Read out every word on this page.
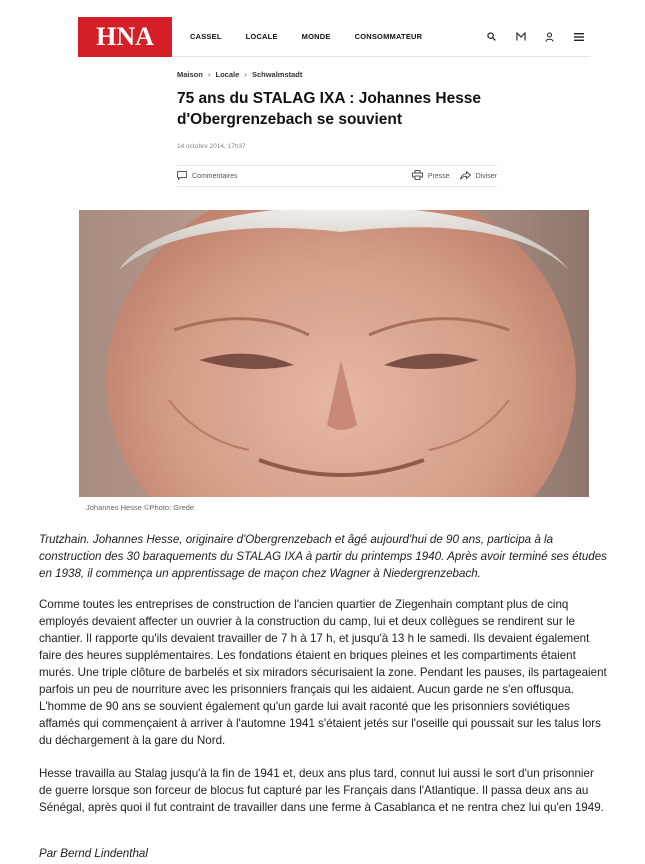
HNA	CASSEL	LOCALE	MONDE	CONSOMMATEUR
Maison › Locale › Schwalmstadt
75 ans du STALAG IXA : Johannes Hesse d'Obergrenzebach se souvient
14 octobre 2014, 17h37
Commentaires	Presse	Diviser
Johannes Hesse ©Photo: Grede

Trutzhain. Johannes Hesse, originaire d'Obergrenzebach et âgé aujourd'hui de 90 ans, participa à la construction des 30 baraquements du STALAG IXA à partir du printemps 1940. Après avoir terminé ses études en 1938, il commença un apprentissage de maçon chez Wagner à Niedergrenzebach.

Comme toutes les entreprises de construction de l'ancien quartier de Ziegenhain comptant plus de cinq employés devaient affecter un ouvrier à la construction du camp, lui et deux collègues se rendirent sur le chantier. Il rapporte qu'ils devaient travailler de 7 h à 17 h, et jusqu'à 13 h le samedi. Ils devaient également faire des heures supplémentaires. Les fondations étaient en briques pleines et les compartiments étaient murés. Une triple clôture de barbelés et six miradors sécurisaient la zone. Pendant les pauses, ils partageaient parfois un peu de nourriture avec les prisonniers français qui les aidaient. Aucun garde ne s'en offusqua. L'homme de 90 ans se souvient également qu'un garde lui avait raconté que les prisonniers soviétiques affamés qui commençaient à arriver à l'automne 1941 s'étaient jetés sur l'oseille qui poussait sur les talus lors du déchargement à la gare du Nord.

Hesse travailla au Stalag jusqu'à la fin de 1941 et, deux ans plus tard, connut lui aussi le sort d'un prisonnier de guerre lorsque son forceur de blocus fut capturé par les Français dans l'Atlantique. Il passa deux ans au Sénégal, après quoi il fut contraint de travailler dans une ferme à Casablanca et ne rentra chez lui qu'en 1949.

Par Bernd Lindenthal
